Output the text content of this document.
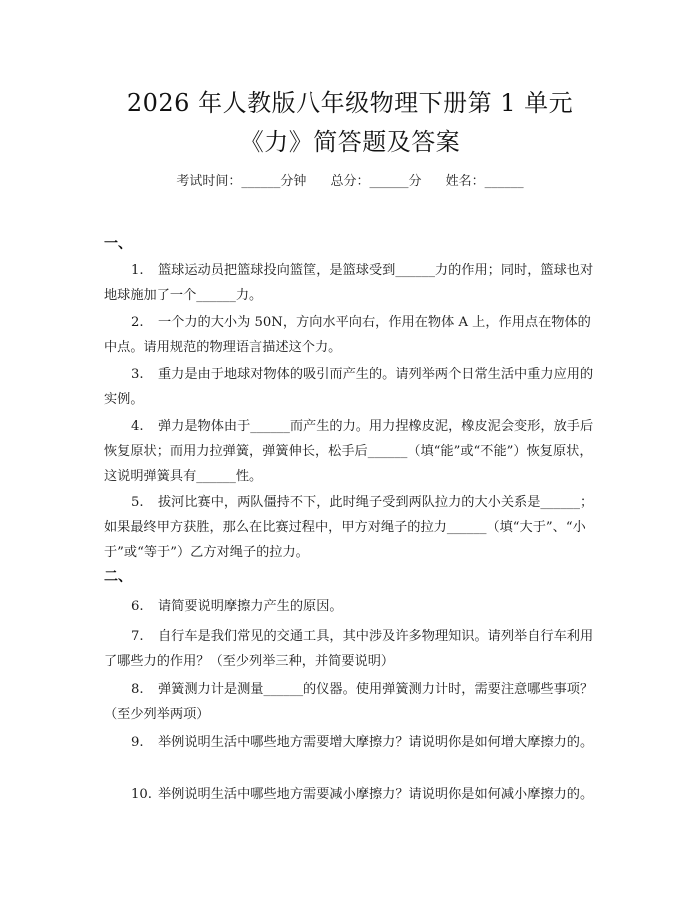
2026 年人教版八年级物理下册第 1 单元
《力》简答题及答案
考试时间：______分钟 总分：______分 姓名：______
一、
1. 篮球运动员把篮球投向篮筐，是篮球受到______力的作用；同时，篮球也对地球施加了一个______力。
2. 一个力的大小为 50N，方向水平向右，作用在物体 A 上，作用点在物体的中点。请用规范的物理语言描述这个力。
3. 重力是由于地球对物体的吸引而产生的。请列举两个日常生活中重力应用的实例。
4. 弹力是物体由于______而产生的力。用力捏橡皮泥，橡皮泥会变形，放手后恢复原状；而用力拉弹簧，弹簧伸长，松手后______（填“能”或“不能”）恢复原状，这说明弹簧具有______性。
5. 拔河比赛中，两队僵持不下，此时绳子受到两队拉力的大小关系是______；如果最终甲方获胜，那么在比赛过程中，甲方对绳子的拉力______（填“大于”、“小于”或“等于”）乙方对绳子的拉力。
二、
6. 请简要说明摩擦力产生的原因。
7. 自行车是我们常见的交通工具，其中涉及许多物理知识。请列举自行车利用了哪些力的作用？（至少列举三种，并简要说明）
8. 弹簧测力计是测量______的仪器。使用弹簧测力计时，需要注意哪些事项？（至少列举两项）
9. 举例说明生活中哪些地方需要增大摩擦力？请说明你是如何增大摩擦力的。
10. 举例说明生活中哪些地方需要减小摩擦力？请说明你是如何减小摩擦力的。
